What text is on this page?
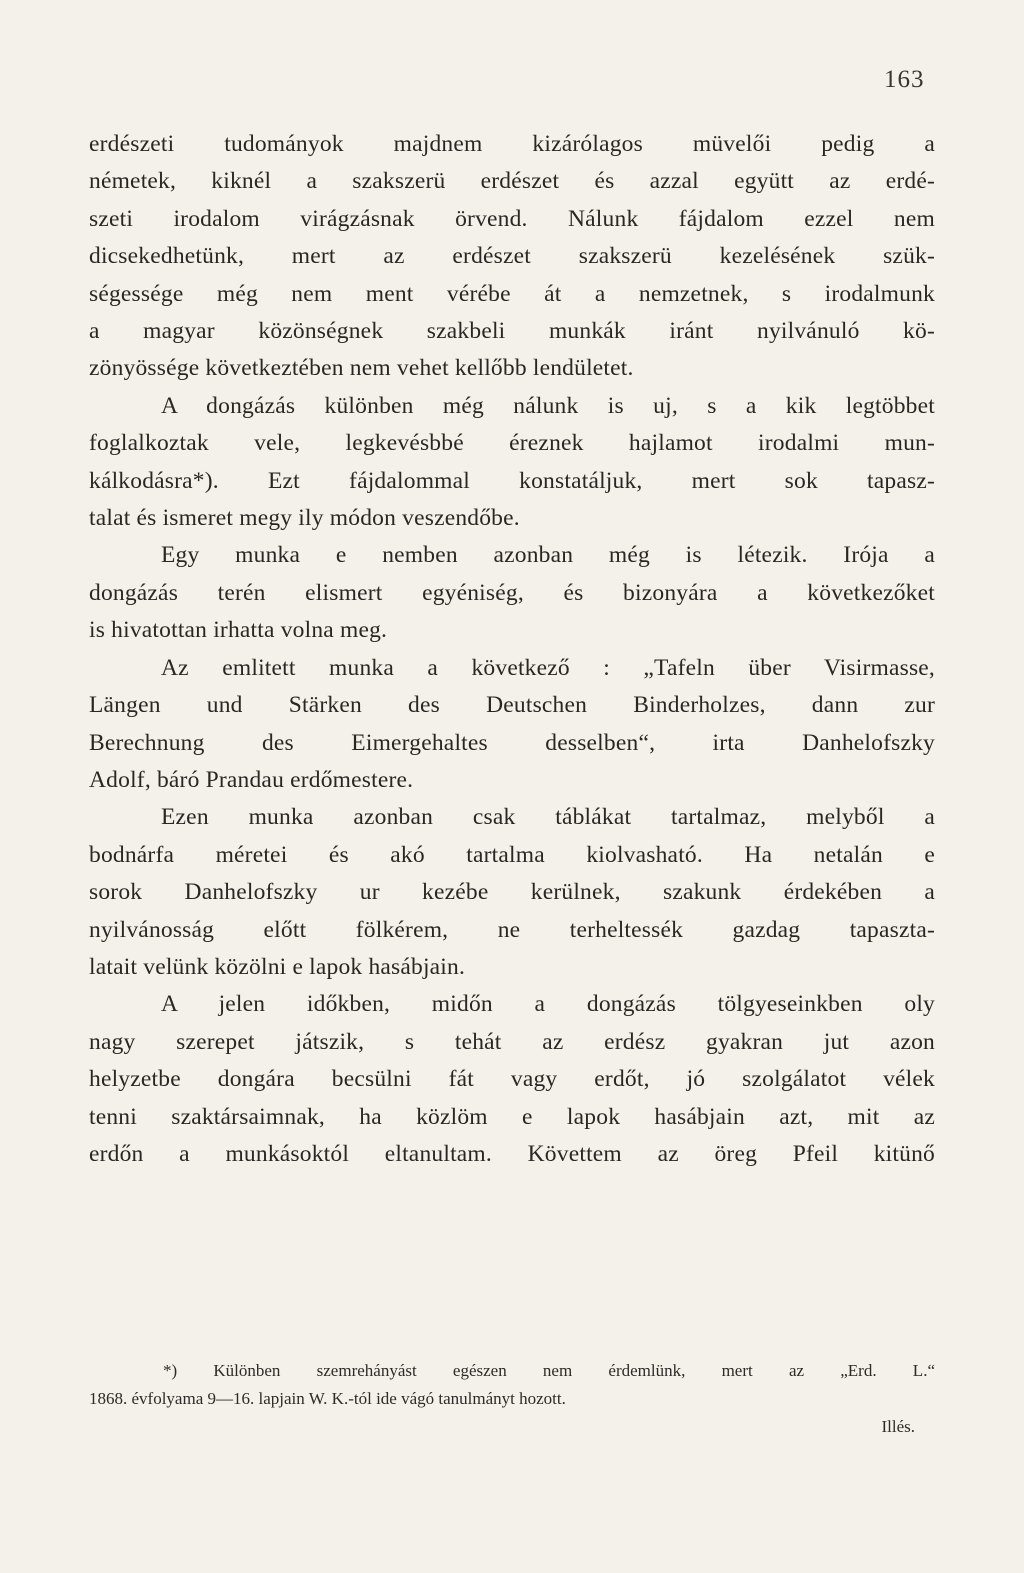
163

erdészeti tudományok majdnem kizárólagos müvelői pedig a
németek, kiknél a szakszerü erdészet és azzal együtt az erdé-
szeti irodalom virágzásnak örvend. Nálunk fájdalom ezzel nem
dicsekedhetünk, mert az erdészet szakszerü kezelésének szük-
ségessége még nem ment vérébe át a nemzetnek, s irodalmunk
a magyar közönségnek szakbeli munkák iránt nyilvánuló kö-
zönyössége következtében nem vehet kellőbb lendületet.

A dongázás különben még nálunk is uj, s a kik legtöbbet
foglalkoztak vele, legkevésbbé éreznek hajlamot irodalmi mun-
kálkodásra*). Ezt fájdalommal konstatáljuk, mert sok tapasz-
talat és ismeret megy ily módon veszendőbe.

Egy munka e nemben azonban még is létezik. Irója a
dongázás terén elismert egyéniség, és bizonyára a következőket
is hivatottan irhatta volna meg.

Az emlitett munka a következő : „Tafeln über Visirmasse,
Längen und Stärken des Deutschen Binderholzes, dann zur
Berechnung des Eimergehaltes desselben“, irta Danhelofszky
Adolf, báró Prandau erdőmestere.

Ezen munka azonban csak táblákat tartalmaz, melyből a
bodnárfa méretei és akó tartalma kiolvasható. Ha netalán e
sorok Danhelofszky ur kezébe kerülnek, szakunk érdekében a
nyilvánosság előtt fölkérem, ne terheltessék gazdag tapaszta-
latait velünk közölni e lapok hasábjain.

A jelen időkben, midőn a dongázás tölgyeseinkben oly
nagy szerepet játszik, s tehát az erdész gyakran jut azon
helyzetbe dongára becsülni fát vagy erdőt, jó szolgálatot vélek
tenni szaktársaimnak, ha közlöm e lapok hasábjain azt, mit az
erdőn a munkásoktól eltanultam. Követtem az öreg Pfeil kitünő

*) Különben szemrehányást egészen nem érdemlünk, mert az „Erd. L.“
1868. évfolyama 9—16. lapjain W. K.-tól ide vágó tanulmányt hozott.
Illés.
